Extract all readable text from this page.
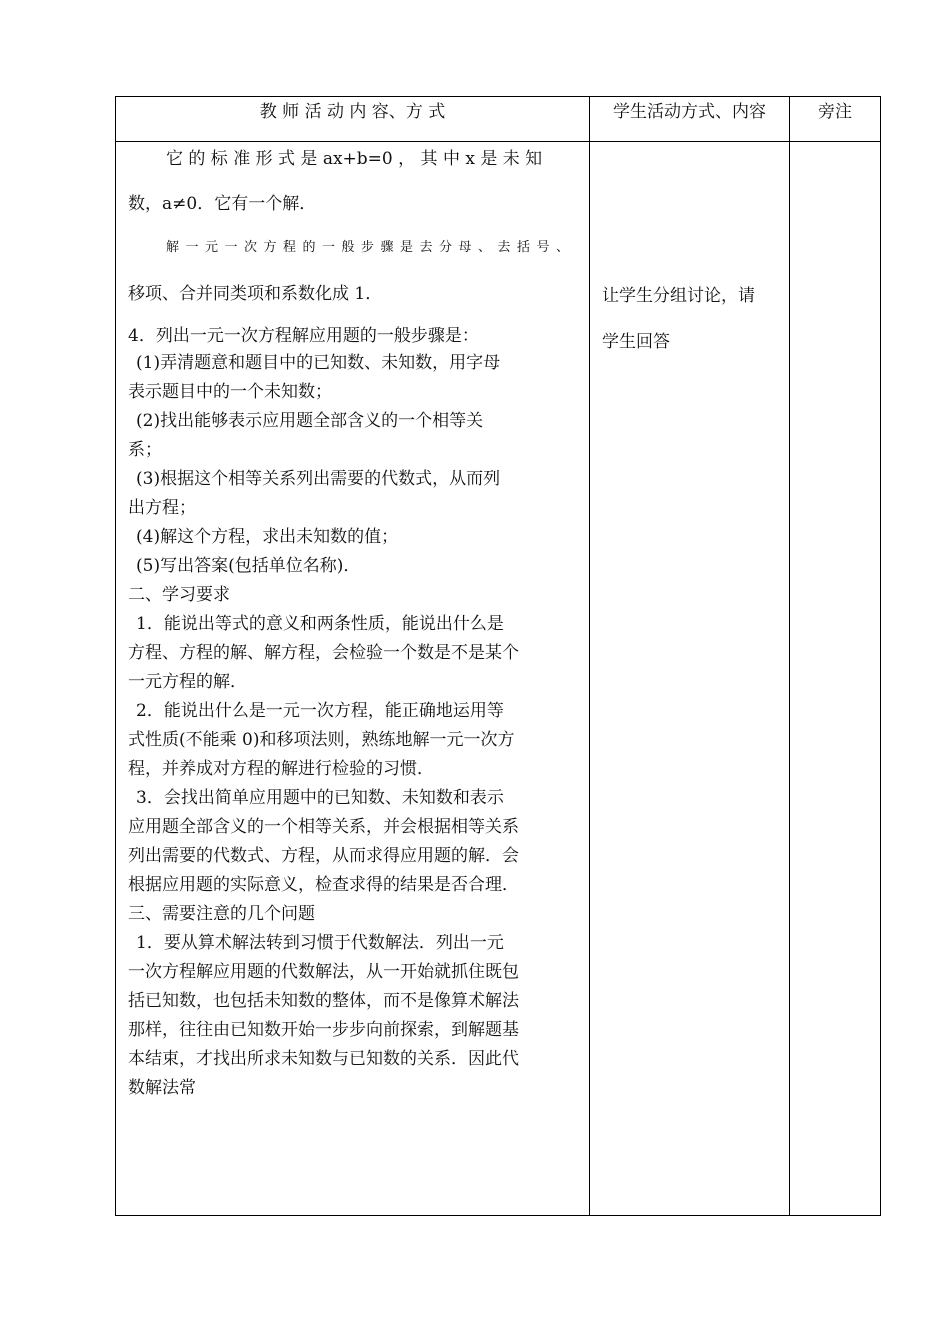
教 师 活 动 内 容、方 式	学生活动方式、内容	旁注
它 的 标 准 形 式 是 ax+b=0 ， 其 中 x 是 未 知
数，a≠0．它有一个解．
解一元一次方程的一般步骤是去分母、去括号、
移项、合并同类项和系数化成 1．
4．列出一元一次方程解应用题的一般步骤是：
(1)弄清题意和题目中的已知数、未知数，用字母
表示题目中的一个未知数；
(2)找出能够表示应用题全部含义的一个相等关
系；
(3)根据这个相等关系列出需要的代数式，从而列
出方程；
(4)解这个方程，求出未知数的值；
(5)写出答案(包括单位名称)．
二、学习要求
1．能说出等式的意义和两条性质，能说出什么是
方程、方程的解、解方程，会检验一个数是不是某个
一元方程的解．
2．能说出什么是一元一次方程，能正确地运用等
式性质(不能乘 0)和移项法则，熟练地解一元一次方
程，并养成对方程的解进行检验的习惯．
3．会找出简单应用题中的已知数、未知数和表示
应用题全部含义的一个相等关系，并会根据相等关系
列出需要的代数式、方程，从而求得应用题的解．会
根据应用题的实际意义，检查求得的结果是否合理．
三、需要注意的几个问题
1．要从算术解法转到习惯于代数解法．列出一元
一次方程解应用题的代数解法，从一开始就抓住既包
括已知数，也包括未知数的整体，而不是像算术解法
那样，往往由已知数开始一步步向前探索，到解题基
本结束，才找出所求未知数与已知数的关系．因此代
数解法常
让学生分组讨论，请
学生回答
